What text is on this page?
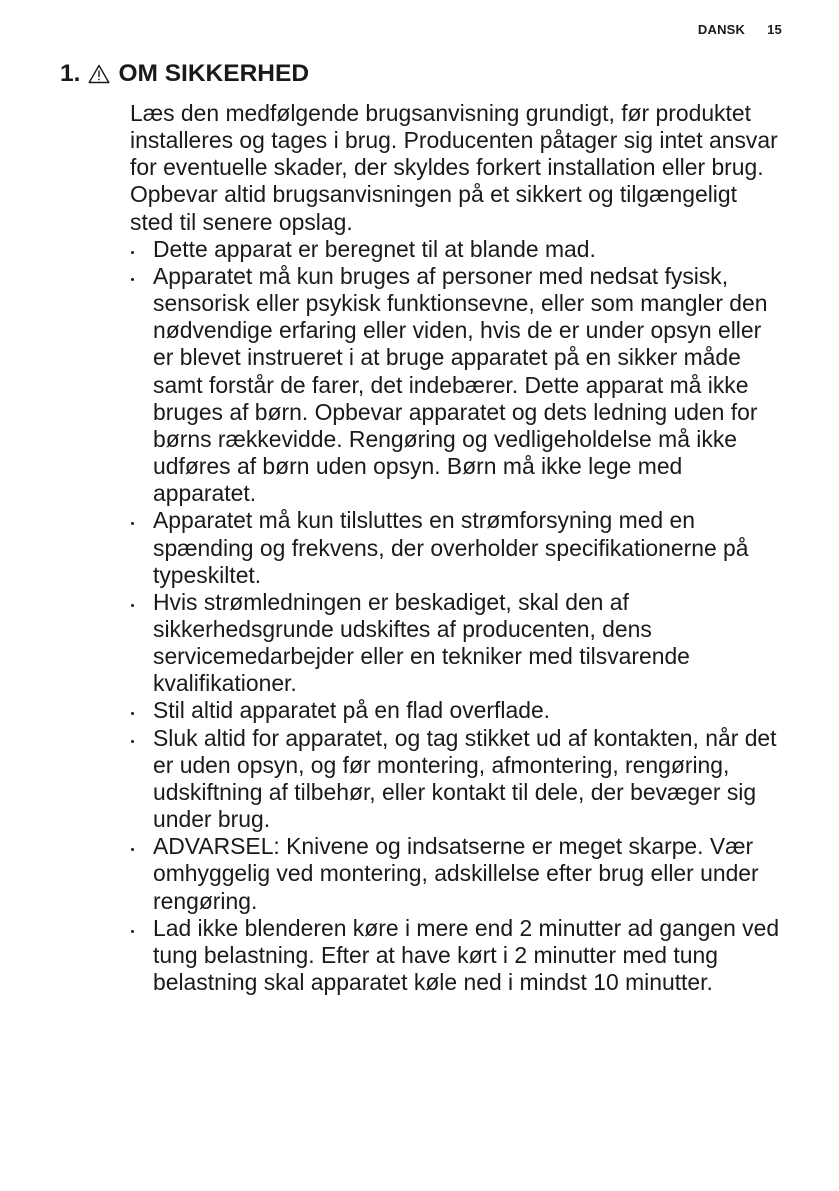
DANSK 15
1. OM SIKKERHED

Læs den medfølgende brugsanvisning grundigt, før produktet installeres og tages i brug. Producenten påtager sig intet ansvar for eventuelle skader, der skyldes forkert installation eller brug. Opbevar altid brugsanvisningen på et sikkert og tilgængeligt sted til senere opslag.

Dette apparat er beregnet til at blande mad.
Apparatet må kun bruges af personer med nedsat fysisk, sensorisk eller psykisk funktionsevne, eller som mangler den nødvendige erfaring eller viden, hvis de er under opsyn eller er blevet instrueret i at bruge apparatet på en sikker måde samt forstår de farer, det indebærer. Dette apparat må ikke bruges af børn. Opbevar apparatet og dets ledning uden for børns rækkevidde. Rengøring og vedligeholdelse må ikke udføres af børn uden opsyn. Børn må ikke lege med apparatet.
Apparatet må kun tilsluttes en strømforsyning med en spænding og frekvens, der overholder specifikationerne på typeskiltet.
Hvis strømledningen er beskadiget, skal den af sikkerhedsgrunde udskiftes af producenten, dens servicemedarbejder eller en tekniker med tilsvarende kvalifikationer.
Stil altid apparatet på en flad overflade.
Sluk altid for apparatet, og tag stikket ud af kontakten, når det er uden opsyn, og før montering, afmontering, rengøring, udskiftning af tilbehør, eller kontakt til dele, der bevæger sig under brug.
ADVARSEL: Knivene og indsatserne er meget skarpe. Vær omhyggelig ved montering, adskillelse efter brug eller under rengøring.
Lad ikke blenderen køre i mere end 2 minutter ad gangen ved tung belastning. Efter at have kørt i 2 minutter med tung belastning skal apparatet køle ned i mindst 10 minutter.
